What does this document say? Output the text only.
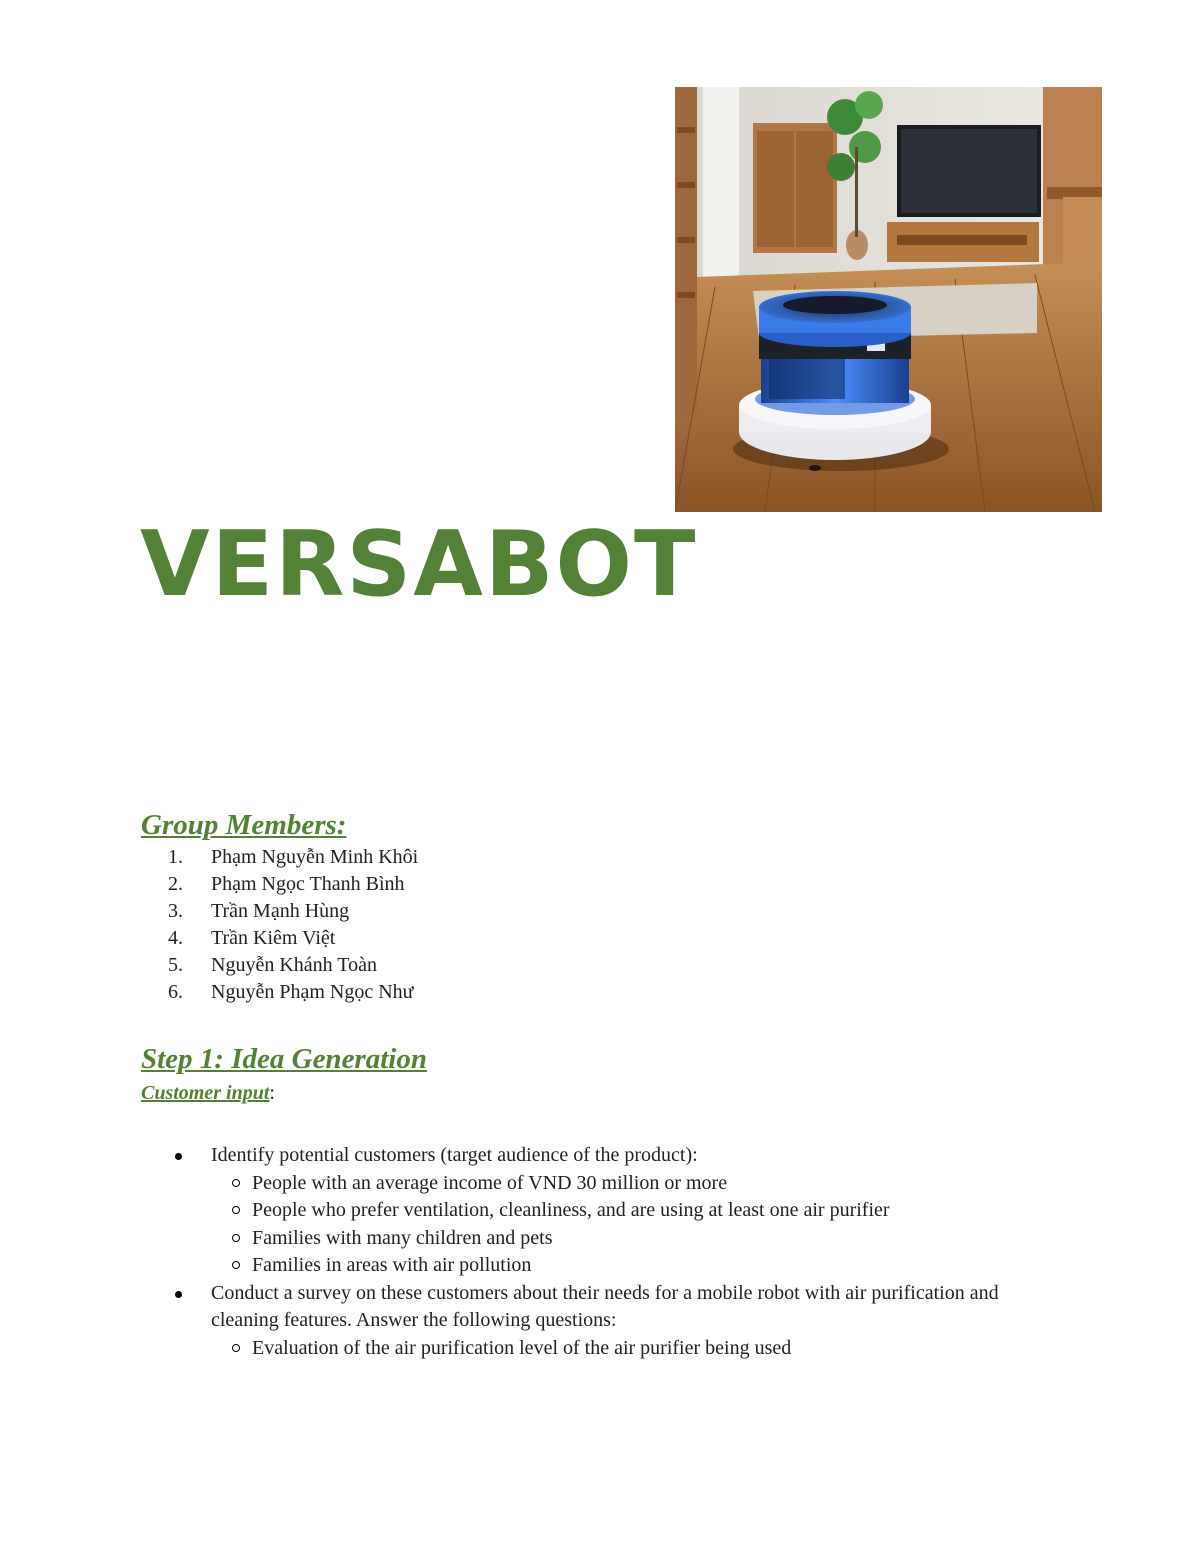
VERSABOT
Group Members:
1.	Phạm Nguyễn Minh Khôi
2.	Phạm Ngọc Thanh Bình
3.	Trần Mạnh Hùng
4.	Trần Kiêm Việt
5.	Nguyễn Khánh Toàn
6.	Nguyễn Phạm Ngọc Như
Step 1: Idea Generation
Customer input:
Identify potential customers (target audience of the product):
People with an average income of VND 30 million or more
People who prefer ventilation, cleanliness, and are using at least one air purifier
Families with many children and pets
Families in areas with air pollution
Conduct a survey on these customers about their needs for a mobile robot with air purification and cleaning features. Answer the following questions:
Evaluation of the air purification level of the air purifier being used
